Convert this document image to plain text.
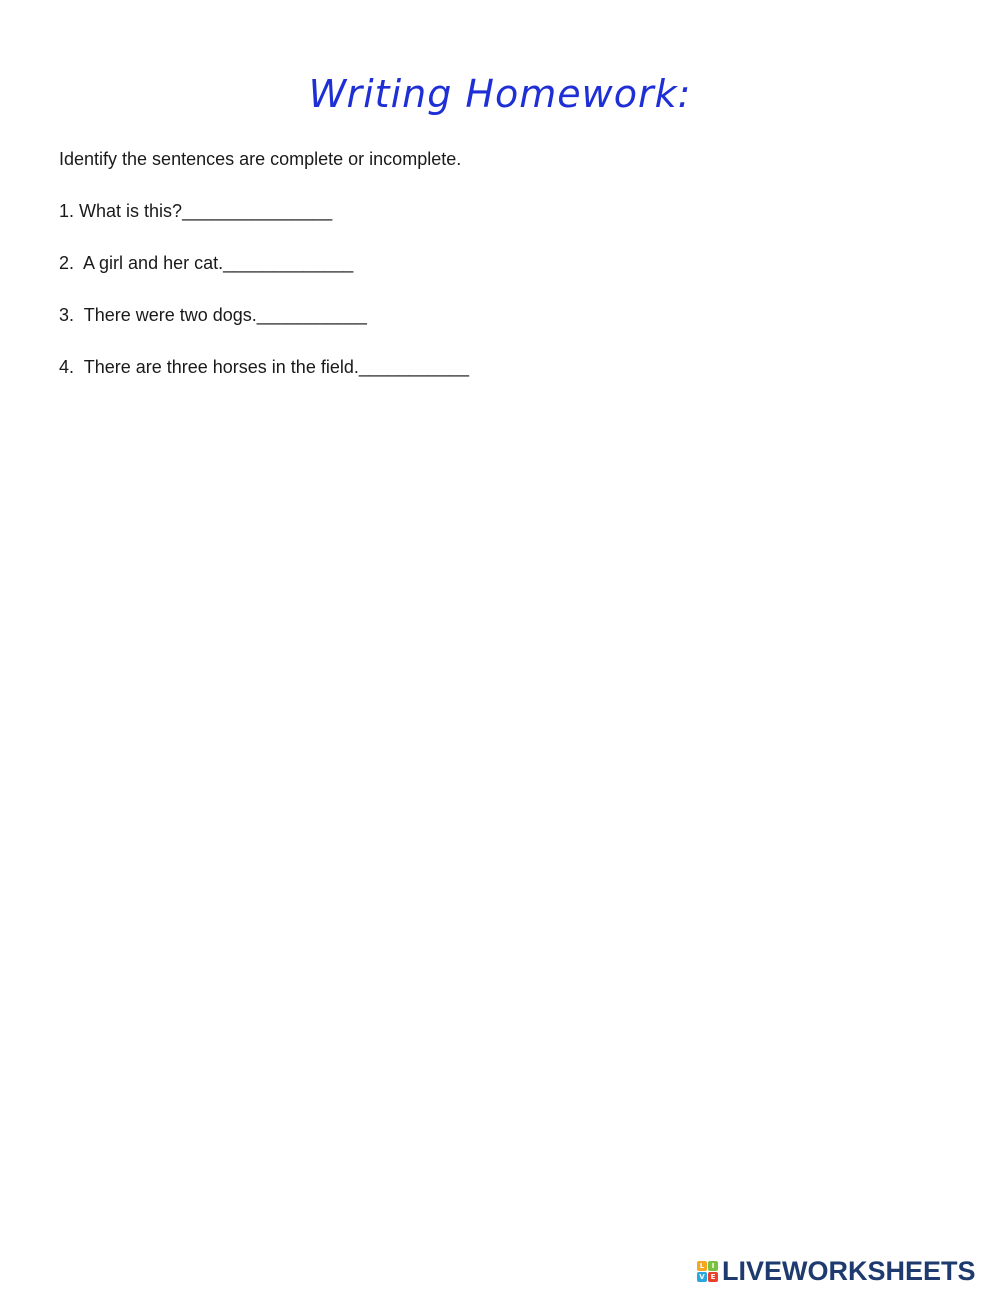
Writing Homework:
Identify the sentences are complete or incomplete.
1. What is this?_______________
2.  A girl and her cat._____________
3.  There were two dogs.___________
4.  There are three horses in the field.___________
L	I
V E LIVEWORKSHEETS
